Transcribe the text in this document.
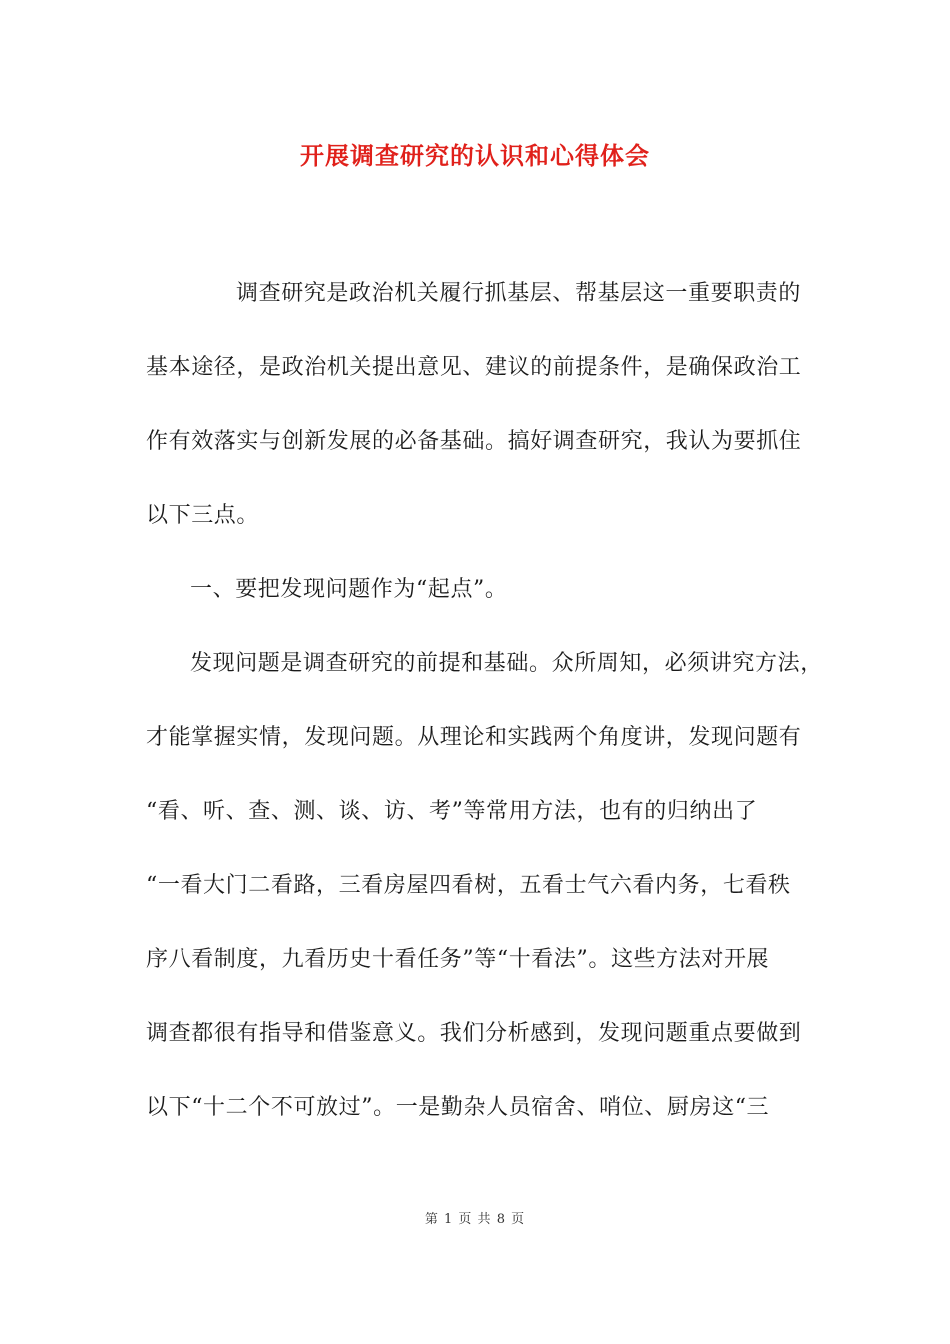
开展调查研究的认识和心得体会
调查研究是政治机关履行抓基层、帮基层这一重要职责的
基本途径，是政治机关提出意见、建议的前提条件，是确保政治工
作有效落实与创新发展的必备基础。搞好调查研究，我认为要抓住
以下三点。
一、要把发现问题作为“起点”。
发现问题是调查研究的前提和基础。众所周知，必须讲究方法，
才能掌握实情，发现问题。从理论和实践两个角度讲，发现问题有
“看、听、查、测、谈、访、考”等常用方法，也有的归纳出了
“一看大门二看路，三看房屋四看树，五看士气六看内务，七看秩
序八看制度，九看历史十看任务”等“十看法”。这些方法对开展
调查都很有指导和借鉴意义。我们分析感到，发现问题重点要做到
以下“十二个不可放过”。一是勤杂人员宿舍、哨位、厨房这“三
第 1 页 共 8 页
